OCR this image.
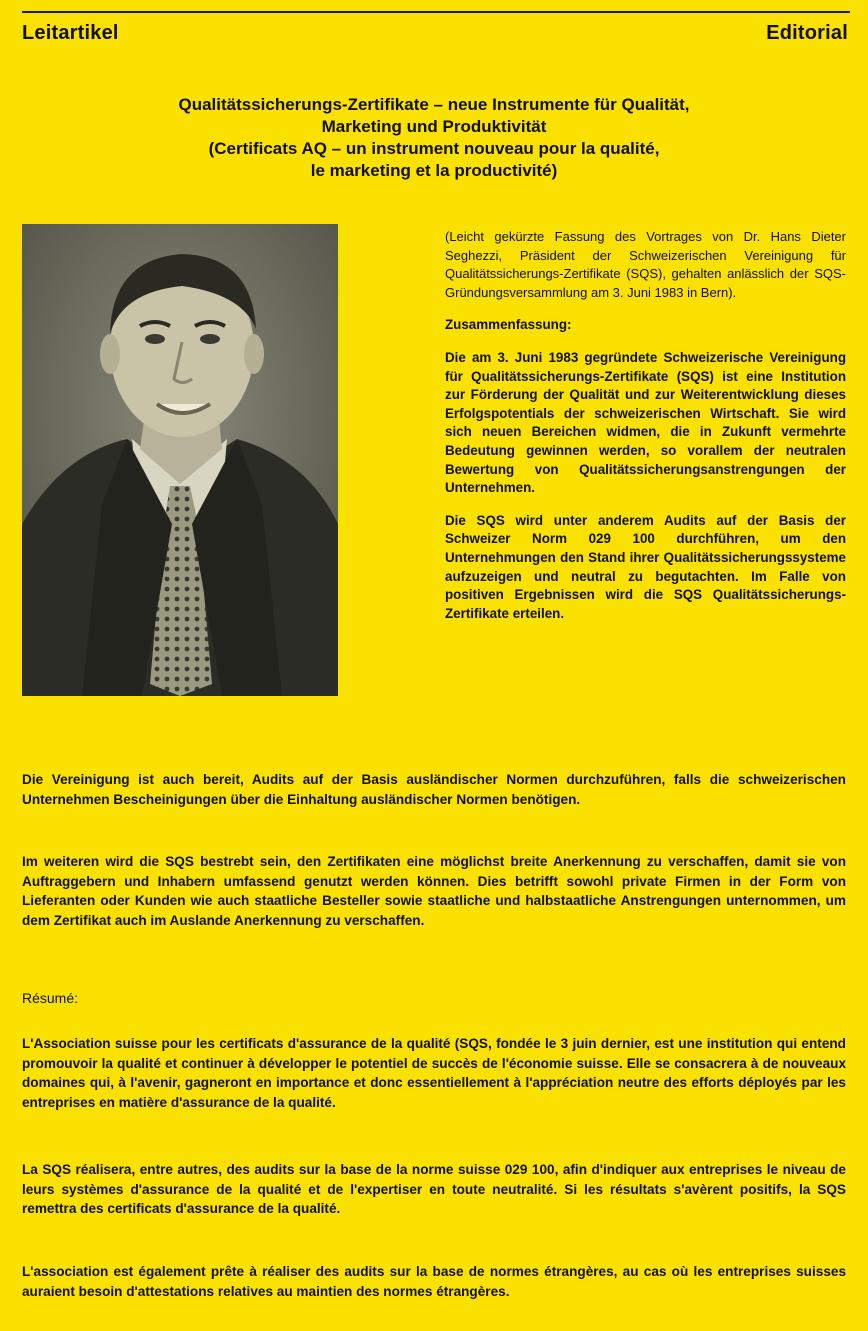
Leitartikel	Editorial
Qualitätssicherungs-Zertifikate – neue Instrumente für Qualität,
Marketing und Produktivität
(Certificats AQ – un instrument nouveau pour la qualité,
le marketing et la productivité)

(Leicht gekürzte Fassung des Vortrages von Dr. Hans Dieter Seghezzi, Präsident der Schweizerischen Vereinigung für Qualitätssicherungs-Zertifikate (SQS), gehalten anlässlich der SQS-Gründungsversammlung am 3. Juni 1983 in Bern).

Zusammenfassung:

Die am 3. Juni 1983 gegründete Schweizerische Vereinigung für Qualitätssicherungs-Zertifikate (SQS) ist eine Institution zur Förderung der Qualität und zur Weiterentwicklung dieses Erfolgspotentials der schweizerischen Wirtschaft. Sie wird sich neuen Bereichen widmen, die in Zukunft vermehrte Bedeutung gewinnen werden, so vorallem der neutralen Bewertung von Qualitätssicherungsanstrengungen der Unternehmen.

Die SQS wird unter anderem Audits auf der Basis der Schweizer Norm 029 100 durchführen, um den Unternehmungen den Stand ihrer Qualitätssicherungssysteme aufzuzeigen und neutral zu begutachten. Im Falle von positiven Ergebnissen wird die SQS Qualitätssicherungs-Zertifikate erteilen.

Die Vereinigung ist auch bereit, Audits auf der Basis ausländischer Normen durchzuführen, falls die schweizerischen Unternehmen Bescheinigungen über die Einhaltung ausländischer Normen benötigen.

Im weiteren wird die SQS bestrebt sein, den Zertifikaten eine möglichst breite Anerkennung zu verschaffen, damit sie von Auftraggebern und Inhabern umfassend genutzt werden können. Dies betrifft sowohl private Firmen in der Form von Lieferanten oder Kunden wie auch staatliche Besteller sowie staatliche und halbstaatliche Anstrengungen unternommen, um dem Zertifikat auch im Auslande Anerkennung zu verschaffen.

Résumé:

L'Association suisse pour les certificats d'assurance de la qualité (SQS, fondée le 3 juin dernier, est une institution qui entend promouvoir la qualité et continuer à développer le potentiel de succès de l'économie suisse. Elle se consacrera à de nouveaux domaines qui, à l'avenir, gagneront en importance et donc essentiellement à l'appréciation neutre des efforts déployés par les entreprises en matière d'assurance de la qualité.

La SQS réalisera, entre autres, des audits sur la base de la norme suisse 029 100, afin d'indiquer aux entreprises le niveau de leurs systèmes d'assurance de la qualité et de l'expertiser en toute neutralité. Si les résultats s'avèrent positifs, la SQS remettra des certificats d'assurance de la qualité.

L'association est également prête à réaliser des audits sur la base de normes étrangères, au cas où les entreprises suisses auraient besoin d'attestations relatives au maintien des normes étrangères.
